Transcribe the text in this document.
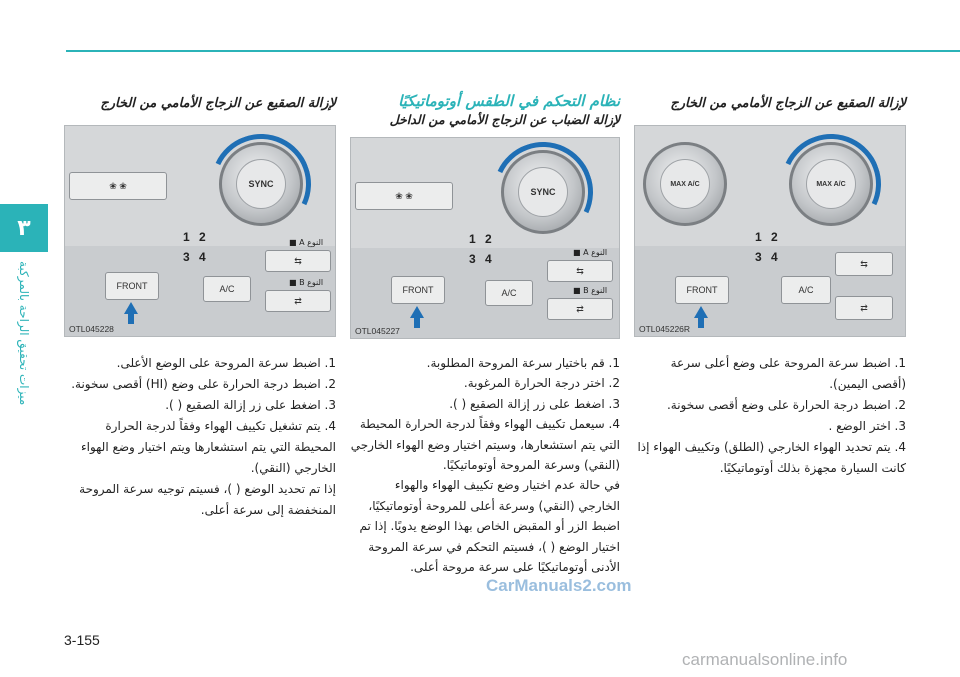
٣
ميزات تحقيق الراحة بالمركبة
لإزالة الصقيع عن الزجاج الأمامي من الخارج
MAX A/C	MAX A/C
1 2
3 4
FRONT	A/C
⇆
⇄
OTL045226R
1. اضبط سرعة المروحة على وضع أعلى سرعة (أقصى اليمين).
2. اضبط درجة الحرارة على وضع أقصى سخونة.
3. اختر الوضع .
4. يتم تحديد الهواء الخارجي (الطلق) وتكييف الهواء إذا كانت السيارة مجهزة بذلك أوتوماتيكيًا.
نظام التحكم في الطقس أوتوماتيكيًا
لإزالة الضباب عن الزجاج الأمامي من الداخل
❀ ❀	SYNC
1 2
3 4
FRONT	A/C
النوع A ■
⇆
النوع B ■
⇄
OTL045227
1. قم باختيار سرعة المروحة المطلوبة.
2. اختر درجة الحرارة المرغوبة.
3. اضغط على زر إزالة الصقيع ( ).
4. سيعمل تكييف الهواء وفقاً لدرجة الحرارة المحيطة التي يتم استشعارها، وسيتم اختيار وضع الهواء الخارجي (النقي) وسرعة المروحة أوتوماتيكيًا.
في حالة عدم اختيار وضع تكييف الهواء والهواء الخارجي (النقي) وسرعة أعلى للمروحة أوتوماتيكيًا، اضبط الزر أو المقبض الخاص بهذا الوضع يدويًا. إذا تم اختيار الوضع ( )، فسيتم التحكم في سرعة المروحة الأدنى أوتوماتيكيًا على سرعة مروحة أعلى.
لإزالة الصقيع عن الزجاج الأمامي من الخارج
❀ ❀	SYNC
1 2
3 4
FRONT	A/C
النوع A ■
⇆
النوع B ■
⇄
OTL045228
1. اضبط سرعة المروحة على الوضع الأعلى.
2. اضبط درجة الحرارة على وضع (HI) أقصى سخونة.
3. اضغط على زر إزالة الصقيع ( ).
4. يتم تشغيل تكييف الهواء وفقاً لدرجة الحرارة المحيطة التي يتم استشعارها ويتم اختيار وضع الهواء الخارجي (النقي).
إذا تم تحديد الوضع ( )، فسيتم توجيه سرعة المروحة المنخفضة إلى سرعة أعلى.
3-155
CarManuals2.com
carmanualsonline.info
